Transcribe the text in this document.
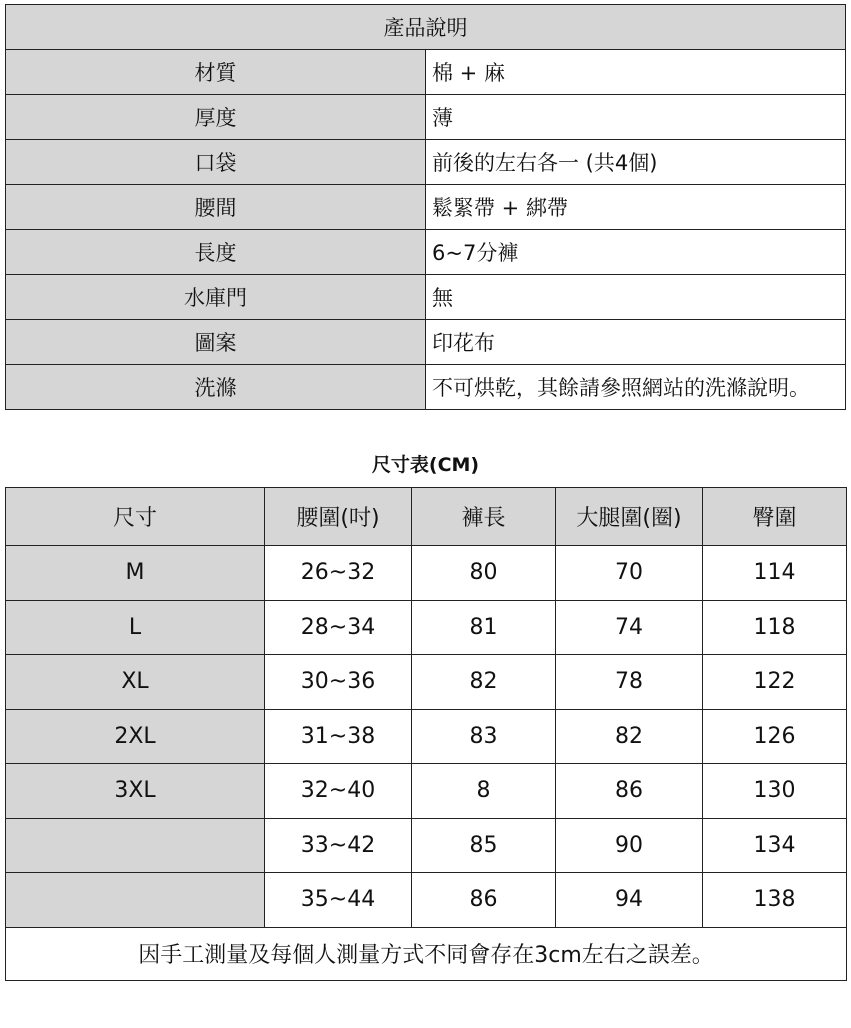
產品說明	
材質	棉 + 麻
厚度	薄
口袋	前後的左右各一 (共4個)
腰間	鬆緊帶 + 綁帶
長度	6~7分褲
水庫門	無
圖案	印花布
洗滌	不可烘乾，其餘請參照網站的洗滌說明。
尺寸表(CM)
尺寸	腰圍(吋)	褲長	大腿圍(圈)	臀圍
M	26~32	80	70	114
L	28~34	81	74	118
XL	30~36	82	78	122
2XL	31~38	83	82	126
3XL	32~40	8	86	130
	33~42	85	90	134
	35~44	86	94	138
因手工測量及每個人測量方式不同會存在3cm左右之誤差。				
